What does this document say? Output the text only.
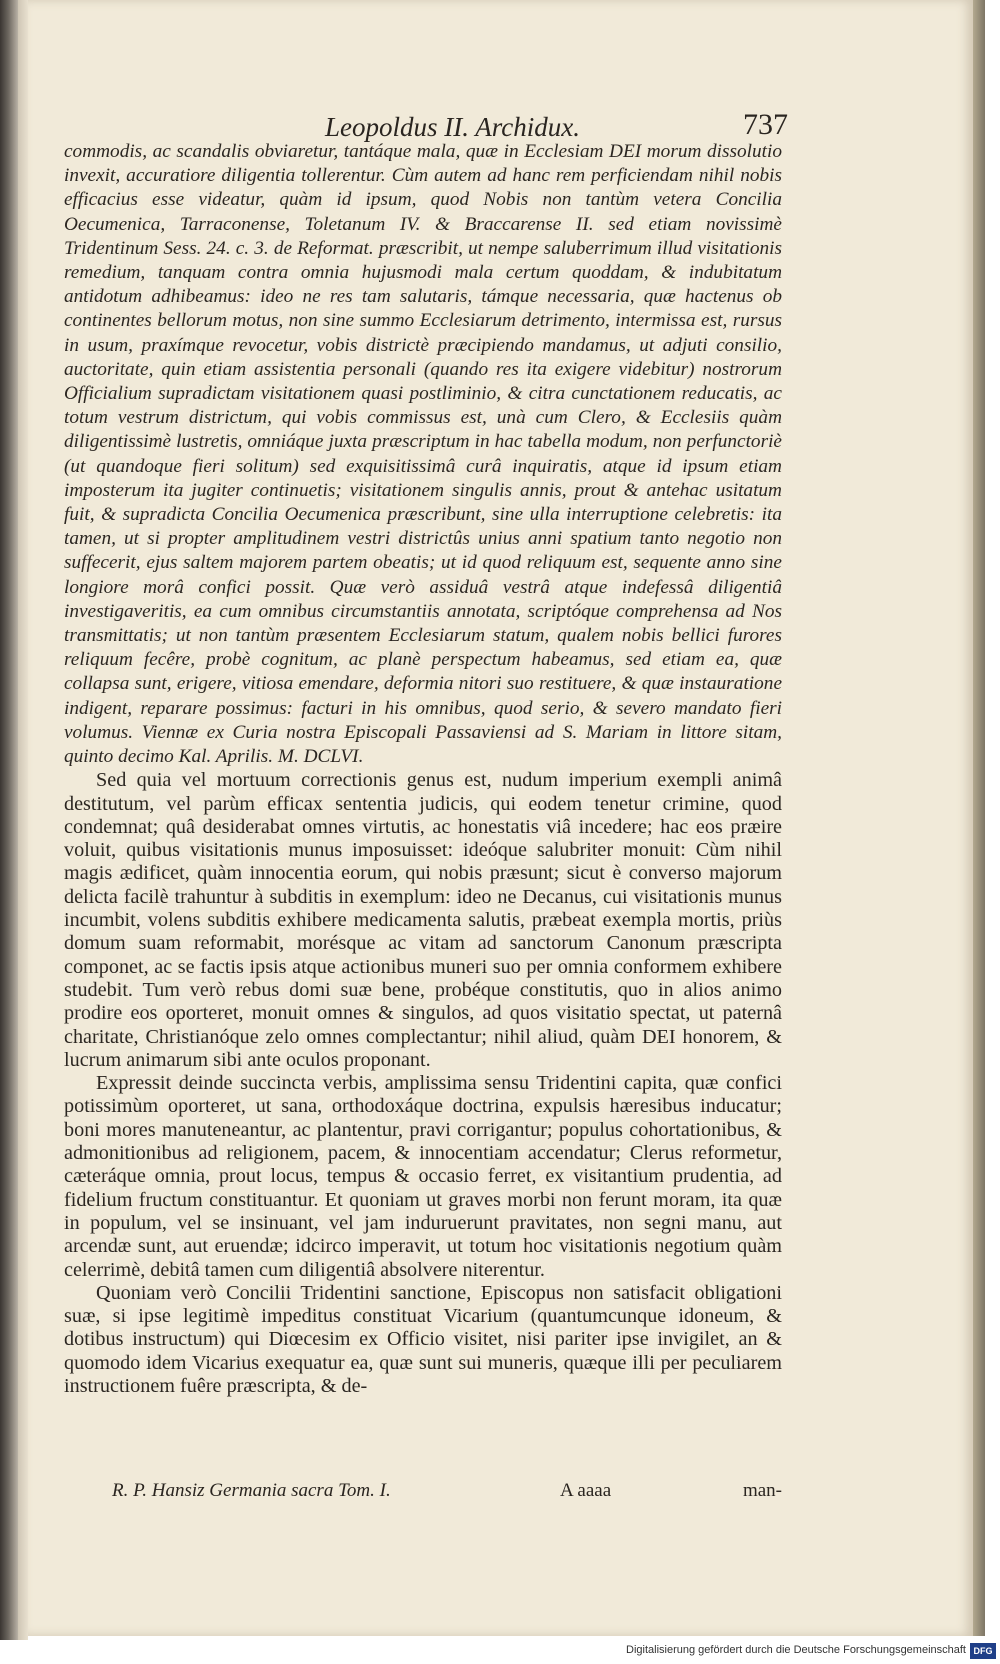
Leopoldus II. Archidux.	737

commodis, ac scandalis obviaretur, tantáque mala, quæ in Ecclesiam DEI morum dissolutio invexit, accuratiore diligentia tollerentur. Cùm autem ad hanc rem perficiendam nihil nobis efficacius esse videatur, quàm id ipsum, quod Nobis non tantùm vetera Concilia Oecumenica, Tarraconense, Toletanum IV. & Braccarense II. sed etiam novissimè Tridentinum Sess. 24. c. 3. de Reformat. præscribit, ut nempe saluberrimum illud visitationis remedium, tanquam contra omnia hujusmodi mala certum quoddam, & indubitatum antidotum adhibeamus: ideo ne res tam salutaris, támque necessaria, quæ hactenus ob continentes bellorum motus, non sine summo Ecclesiarum detrimento, intermissa est, rursus in usum, praxímque revocetur, vobis districtè præcipiendo mandamus, ut adjuti consilio, auctoritate, quin etiam assistentia personali (quando res ita exigere videbitur) nostrorum Officialium supradictam visitationem quasi postliminio, & citra cunctationem reducatis, ac totum vestrum districtum, qui vobis commissus est, unà cum Clero, & Ecclesiis quàm diligentissimè lustretis, omniáque juxta præscriptum in hac tabella modum, non perfunctoriè (ut quandoque fieri solitum) sed exquisitissimâ curâ inquiratis, atque id ipsum etiam imposterum ita jugiter continuetis; visitationem singulis annis, prout & antehac usitatum fuit, & supradicta Concilia Oecumenica præscribunt, sine ulla interruptione celebretis: ita tamen, ut si propter amplitudinem vestri districtûs unius anni spatium tanto negotio non suffecerit, ejus saltem majorem partem obeatis; ut id quod reliquum est, sequente anno sine longiore morâ confici possit. Quæ verò assiduâ vestrâ atque indefessâ diligentiâ investigaveritis, ea cum omnibus circumstantiis annotata, scriptóque comprehensa ad Nos transmittatis; ut non tantùm præsentem Ecclesiarum statum, qualem nobis bellici furores reliquum fecêre, probè cognitum, ac planè perspectum habeamus, sed etiam ea, quæ collapsa sunt, erigere, vitiosa emendare, deformia nitori suo restituere, & quæ instauratione indigent, reparare possimus: facturi in his omnibus, quod serio, & severo mandato fieri volumus. Viennæ ex Curia nostra Episcopali Passaviensi ad S. Mariam in littore sitam, quinto decimo Kal. Aprilis. M. DCLVI.

Sed quia vel mortuum correctionis genus est, nudum imperium exempli animâ destitutum, vel parùm efficax sententia judicis, qui eodem tenetur crimine, quod condemnat; quâ desiderabat omnes virtutis, ac honestatis viâ incedere; hac eos præire voluit, quibus visitationis munus imposuisset: ideóque salubriter monuit: Cùm nihil magis ædificet, quàm innocentia eorum, qui nobis præsunt; sicut è converso majorum delicta facilè trahuntur à subditis in exemplum: ideo ne Decanus, cui visitationis munus incumbit, volens subditis exhibere medicamenta salutis, præbeat exempla mortis, priùs domum suam reformabit, morésque ac vitam ad sanctorum Canonum præscripta componet, ac se factis ipsis atque actionibus muneri suo per omnia conformem exhibere studebit. Tum verò rebus domi suæ bene, probéque constitutis, quo in alios animo prodire eos oporteret, monuit omnes & singulos, ad quos visitatio spectat, ut paternâ charitate, Christianóque zelo omnes complectantur; nihil aliud, quàm DEI honorem, & lucrum animarum sibi ante oculos proponant.

Expressit deinde succincta verbis, amplissima sensu Tridentini capita, quæ confici potissimùm oporteret, ut sana, orthodoxáque doctrina, expulsis hæresibus inducatur; boni mores manuteneantur, ac plantentur, pravi corrigantur; populus cohortationibus, & admonitionibus ad religionem, pacem, & innocentiam accendatur; Clerus reformetur, cæteráque omnia, prout locus, tempus & occasio ferret, ex visitantium prudentia, ad fidelium fructum constituantur. Et quoniam ut graves morbi non ferunt moram, ita quæ in populum, vel se insinuant, vel jam induruerunt pravitates, non segni manu, aut arcendæ sunt, aut eruendæ; idcirco imperavit, ut totum hoc visitationis negotium quàm celerrimè, debitâ tamen cum diligentiâ absolvere niterentur.

Quoniam verò Concilii Tridentini sanctione, Episcopus non satisfacit obligationi suæ, si ipse legitimè impeditus constituat Vicarium (quantumcunque idoneum, & dotibus instructum) qui Diœcesim ex Officio visitet, nisi pariter ipse invigilet, an & quomodo idem Vicarius exequatur ea, quæ sunt sui muneris, quæque illi per peculiarem instructionem fuêre præscripta, & de-

R. P. Hansiz Germania sacra Tom. I.	A aaaa	man-
Digitalisierung gefördert durch die Deutsche Forschungsgemeinschaft DFG
